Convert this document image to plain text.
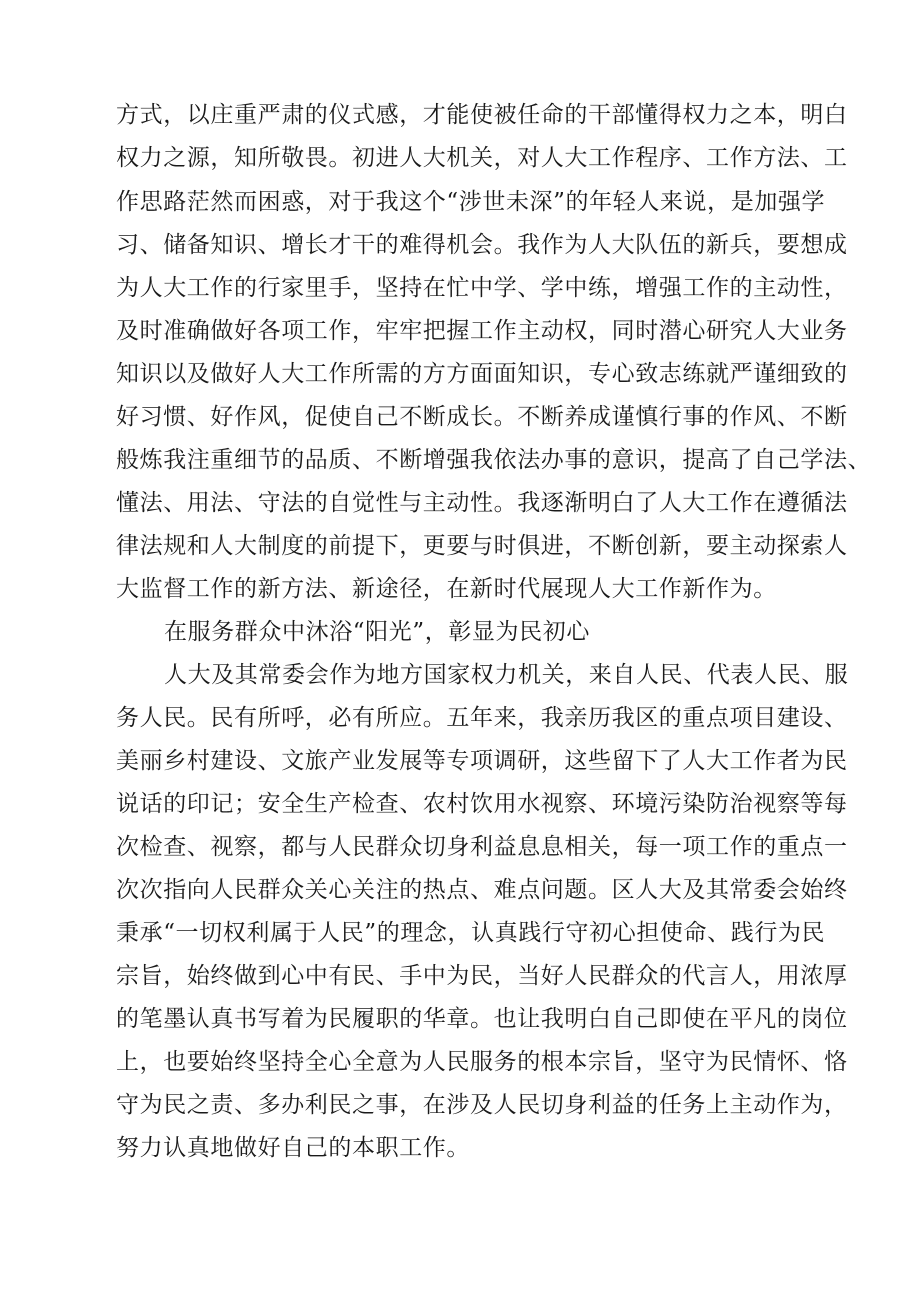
方式，以庄重严肃的仪式感，才能使被任命的干部懂得权力之本，明白
权力之源，知所敬畏。初进人大机关，对人大工作程序、工作方法、工
作思路茫然而困惑，对于我这个“涉世未深”的年轻人来说，是加强学
习、储备知识、增长才干的难得机会。我作为人大队伍的新兵，要想成
为人大工作的行家里手，坚持在忙中学、学中练，增强工作的主动性，
及时准确做好各项工作，牢牢把握工作主动权，同时潜心研究人大业务
知识以及做好人大工作所需的方方面面知识，专心致志练就严谨细致的
好习惯、好作风，促使自己不断成长。不断养成谨慎行事的作风、不断
般炼我注重细节的品质、不断增强我依法办事的意识，提高了自己学法、
懂法、用法、守法的自觉性与主动性。我逐渐明白了人大工作在遵循法
律法规和人大制度的前提下，更要与时俱进，不断创新，要主动探索人
大监督工作的新方法、新途径，在新时代展现人大工作新作为。
在服务群众中沐浴“阳光”，彰显为民初心
人大及其常委会作为地方国家权力机关，来自人民、代表人民、服
务人民。民有所呼，必有所应。五年来，我亲历我区的重点项目建设、
美丽乡村建设、文旅产业发展等专项调研，这些留下了人大工作者为民
说话的印记；安全生产检查、农村饮用水视察、环境污染防治视察等每
次检查、视察，都与人民群众切身利益息息相关，每一项工作的重点一
次次指向人民群众关心关注的热点、难点问题。区人大及其常委会始终
秉承“一切权利属于人民”的理念，认真践行守初心担使命、践行为民
宗旨，始终做到心中有民、手中为民，当好人民群众的代言人，用浓厚
的笔墨认真书写着为民履职的华章。也让我明白自己即使在平凡的岗位
上，也要始终坚持全心全意为人民服务的根本宗旨，坚守为民情怀、恪
守为民之责、多办利民之事，在涉及人民切身利益的任务上主动作为，
努力认真地做好自己的本职工作。
